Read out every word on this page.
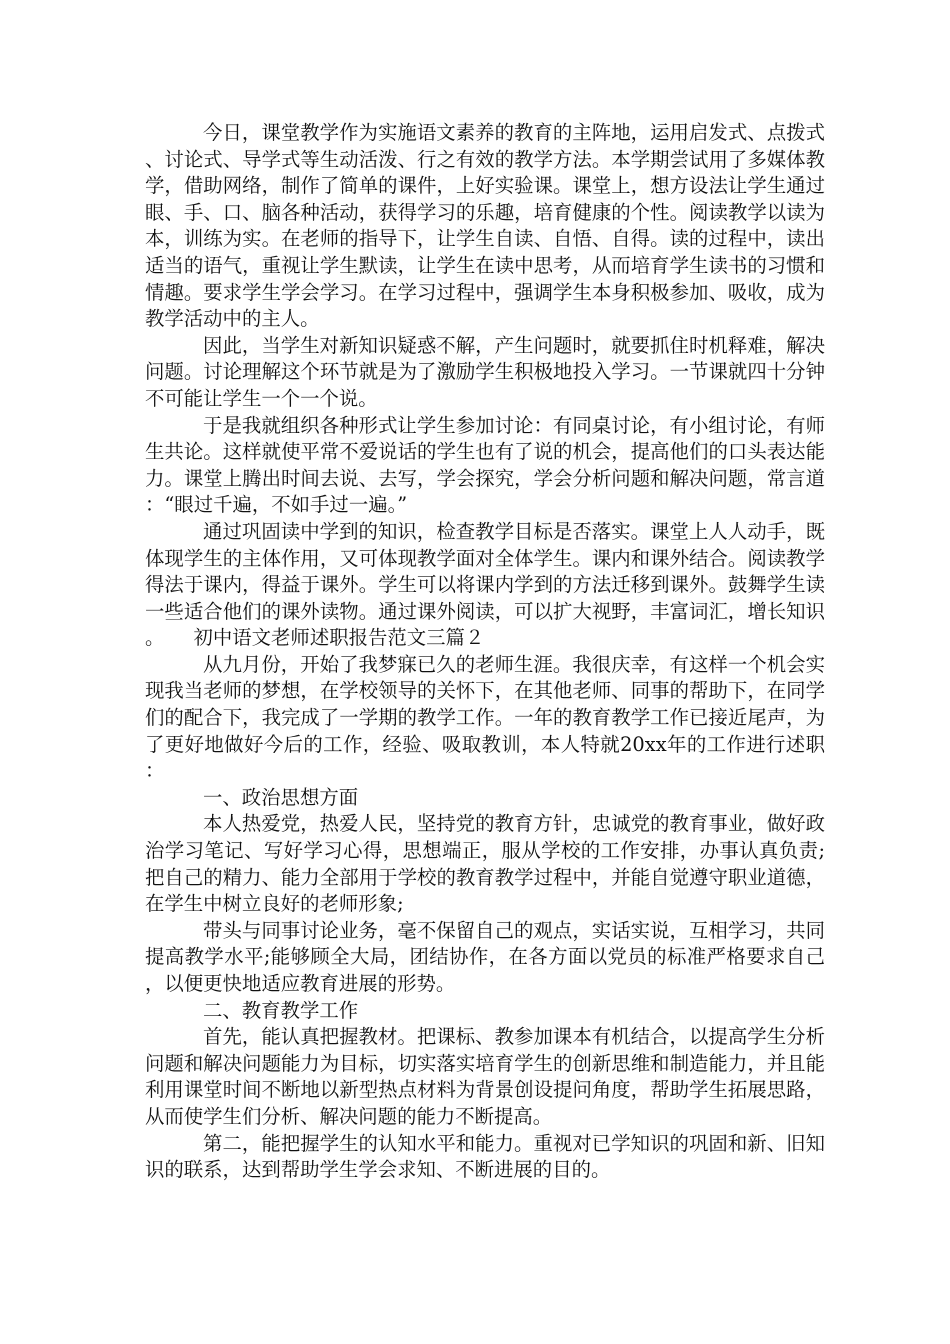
今日，课堂教学作为实施语文素养的教育的主阵地，运用启发式、点拨式、讨论式、导学式等生动活泼、行之有效的教学方法。本学期尝试用了多媒体教学，借助网络，制作了简单的课件，上好实验课。课堂上，想方设法让学生通过眼、手、口、脑各种活动，获得学习的乐趣，培育健康的个性。阅读教学以读为本，训练为实。在老师的指导下，让学生自读、自悟、自得。读的过程中，读出适当的语气，重视让学生默读，让学生在读中思考，从而培育学生读书的习惯和情趣。要求学生学会学习。在学习过程中，强调学生本身积极参加、吸收，成为教学活动中的主人。

因此，当学生对新知识疑惑不解，产生问题时，就要抓住时机释难，解决问题。讨论理解这个环节就是为了激励学生积极地投入学习。一节课就四十分钟不可能让学生一个一个说。

于是我就组织各种形式让学生参加讨论：有同桌讨论，有小组讨论，有师生共论。这样就使平常不爱说话的学生也有了说的机会，提高他们的口头表达能力。课堂上腾出时间去说、去写，学会探究，学会分析问题和解决问题，常言道：“眼过千遍，不如手过一遍。”

通过巩固读中学到的知识，检查教学目标是否落实。课堂上人人动手，既体现学生的主体作用，又可体现教学面对全体学生。课内和课外结合。阅读教学得法于课内，得益于课外。学生可以将课内学到的方法迁移到课外。鼓舞学生读一些适合他们的课外读物。通过课外阅读，可以扩大视野，丰富词汇，增长知识。　　初中语文老师述职报告范文三篇２

从九月份，开始了我梦寐已久的老师生涯。我很庆幸，有这样一个机会实现我当老师的梦想，在学校领导的关怀下，在其他老师、同事的帮助下，在同学们的配合下，我完成了一学期的教学工作。一年的教育教学工作已接近尾声，为了更好地做好今后的工作，经验、吸取教训，本人特就20xx年的工作进行述职：

一、政治思想方面

本人热爱党，热爱人民，坚持党的教育方针，忠诚党的教育事业，做好政治学习笔记、写好学习心得，思想端正，服从学校的工作安排，办事认真负责;把自己的精力、能力全部用于学校的教育教学过程中，并能自觉遵守职业道德，在学生中树立良好的老师形象;

带头与同事讨论业务，毫不保留自己的观点，实话实说，互相学习，共同提高教学水平;能够顾全大局，团结协作，在各方面以党员的标准严格要求自己，以便更快地适应教育进展的形势。

二、教育教学工作

首先，能认真把握教材。把课标、教参加课本有机结合，以提高学生分析问题和解决问题能力为目标，切实落实培育学生的创新思维和制造能力，并且能利用课堂时间不断地以新型热点材料为背景创设提问角度，帮助学生拓展思路，从而使学生们分析、解决问题的能力不断提高。

第二，能把握学生的认知水平和能力。重视对已学知识的巩固和新、旧知识的联系，达到帮助学生学会求知、不断进展的目的。
